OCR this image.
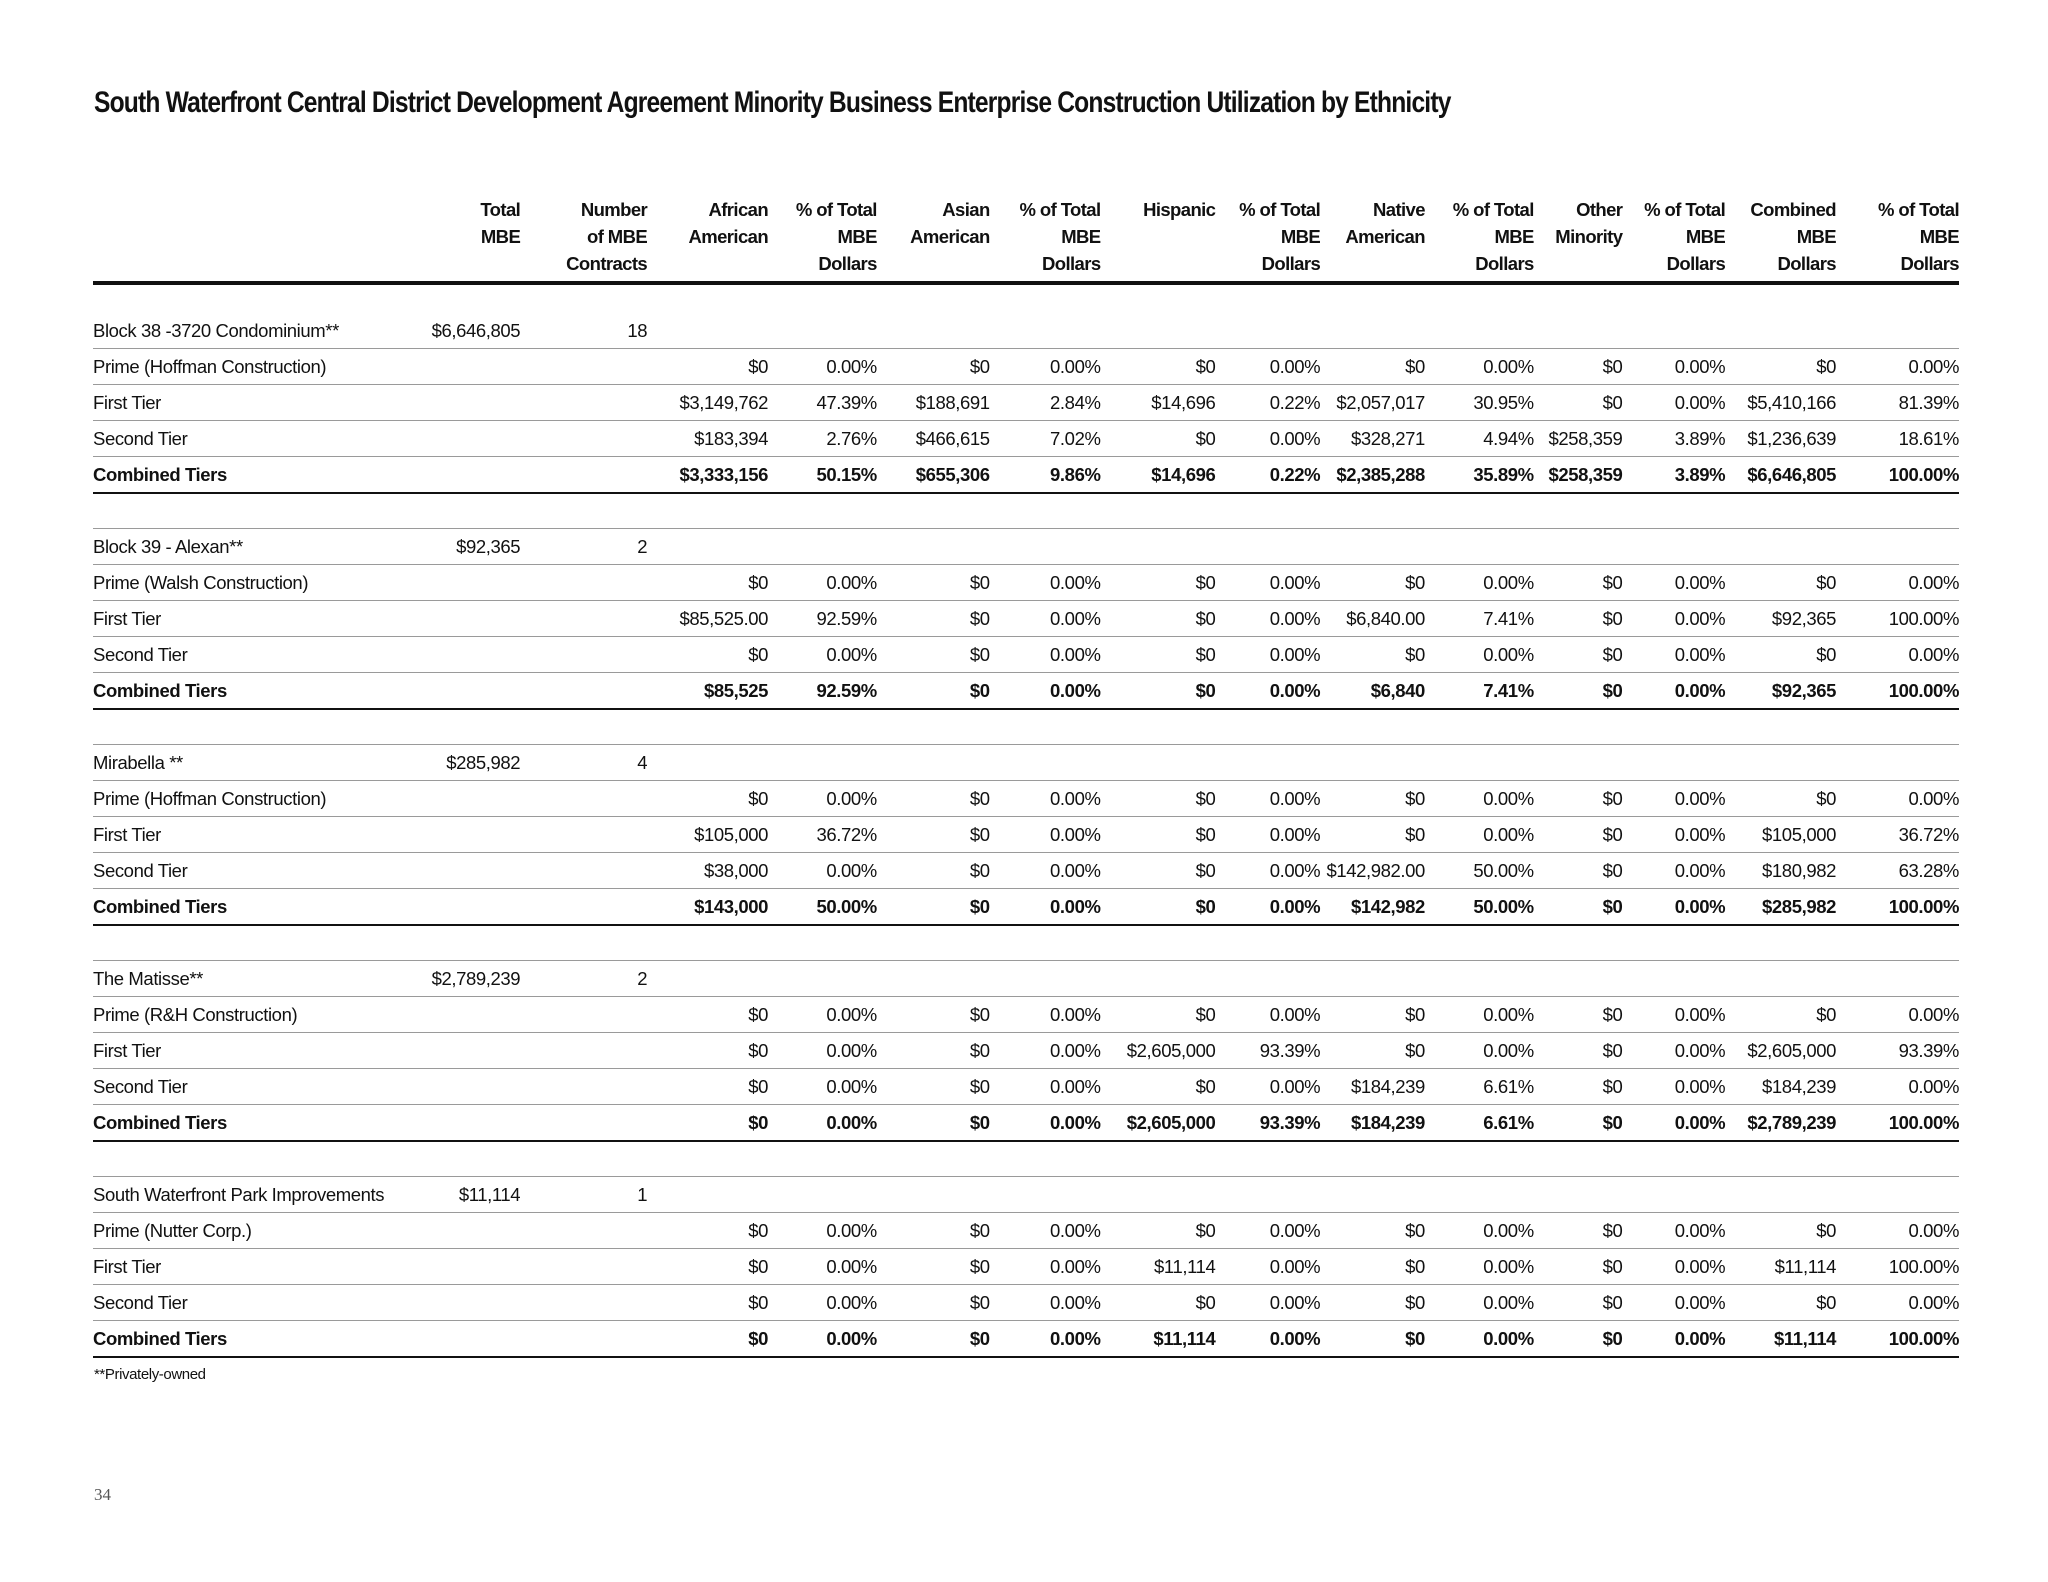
South Waterfront Central District Development Agreement Minority Business Enterprise Construction Utilization by Ethnicity
	Total
MBE	Number
of MBE
Contracts	African
American	% of Total
MBE
Dollars	Asian
American	% of Total
MBE
Dollars	Hispanic	% of Total
MBE
Dollars	Native
American	% of Total
MBE
Dollars	Other
Minority	% of Total
MBE
Dollars	Combined
MBE
Dollars	% of Total
MBE
Dollars

Block 38 -3720 Condominium**	$6,646,805	18												
Prime (Hoffman Construction)			$0	0.00%	$0	0.00%	$0	0.00%	$0	0.00%	$0	0.00%	$0	0.00%
First Tier			$3,149,762	47.39%	$188,691	2.84%	$14,696	0.22%	$2,057,017	30.95%	$0	0.00%	$5,410,166	81.39%
Second Tier			$183,394	2.76%	$466,615	7.02%	$0	0.00%	$328,271	4.94%	$258,359	3.89%	$1,236,639	18.61%
Combined Tiers			$3,333,156	50.15%	$655,306	9.86%	$14,696	0.22%	$2,385,288	35.89%	$258,359	3.89%	$6,646,805	100.00%

Block 39 - Alexan**	$92,365	2												
Prime (Walsh Construction)			$0	0.00%	$0	0.00%	$0	0.00%	$0	0.00%	$0	0.00%	$0	0.00%
First Tier			$85,525.00	92.59%	$0	0.00%	$0	0.00%	$6,840.00	7.41%	$0	0.00%	$92,365	100.00%
Second Tier			$0	0.00%	$0	0.00%	$0	0.00%	$0	0.00%	$0	0.00%	$0	0.00%
Combined Tiers			$85,525	92.59%	$0	0.00%	$0	0.00%	$6,840	7.41%	$0	0.00%	$92,365	100.00%

Mirabella **	$285,982	4												
Prime (Hoffman Construction)			$0	0.00%	$0	0.00%	$0	0.00%	$0	0.00%	$0	0.00%	$0	0.00%
First Tier			$105,000	36.72%	$0	0.00%	$0	0.00%	$0	0.00%	$0	0.00%	$105,000	36.72%
Second Tier			$38,000	0.00%	$0	0.00%	$0	0.00%	$142,982.00	50.00%	$0	0.00%	$180,982	63.28%
Combined Tiers			$143,000	50.00%	$0	0.00%	$0	0.00%	$142,982	50.00%	$0	0.00%	$285,982	100.00%

The Matisse**	$2,789,239	2												
Prime (R&H Construction)			$0	0.00%	$0	0.00%	$0	0.00%	$0	0.00%	$0	0.00%	$0	0.00%
First Tier			$0	0.00%	$0	0.00%	$2,605,000	93.39%	$0	0.00%	$0	0.00%	$2,605,000	93.39%
Second Tier			$0	0.00%	$0	0.00%	$0	0.00%	$184,239	6.61%	$0	0.00%	$184,239	0.00%
Combined Tiers			$0	0.00%	$0	0.00%	$2,605,000	93.39%	$184,239	6.61%	$0	0.00%	$2,789,239	100.00%

South Waterfront Park Improvements	$11,114	1												
Prime (Nutter Corp.)			$0	0.00%	$0	0.00%	$0	0.00%	$0	0.00%	$0	0.00%	$0	0.00%
First Tier			$0	0.00%	$0	0.00%	$11,114	0.00%	$0	0.00%	$0	0.00%	$11,114	100.00%
Second Tier			$0	0.00%	$0	0.00%	$0	0.00%	$0	0.00%	$0	0.00%	$0	0.00%
Combined Tiers			$0	0.00%	$0	0.00%	$11,114	0.00%	$0	0.00%	$0	0.00%	$11,114	100.00%
**Privately-owned
34
